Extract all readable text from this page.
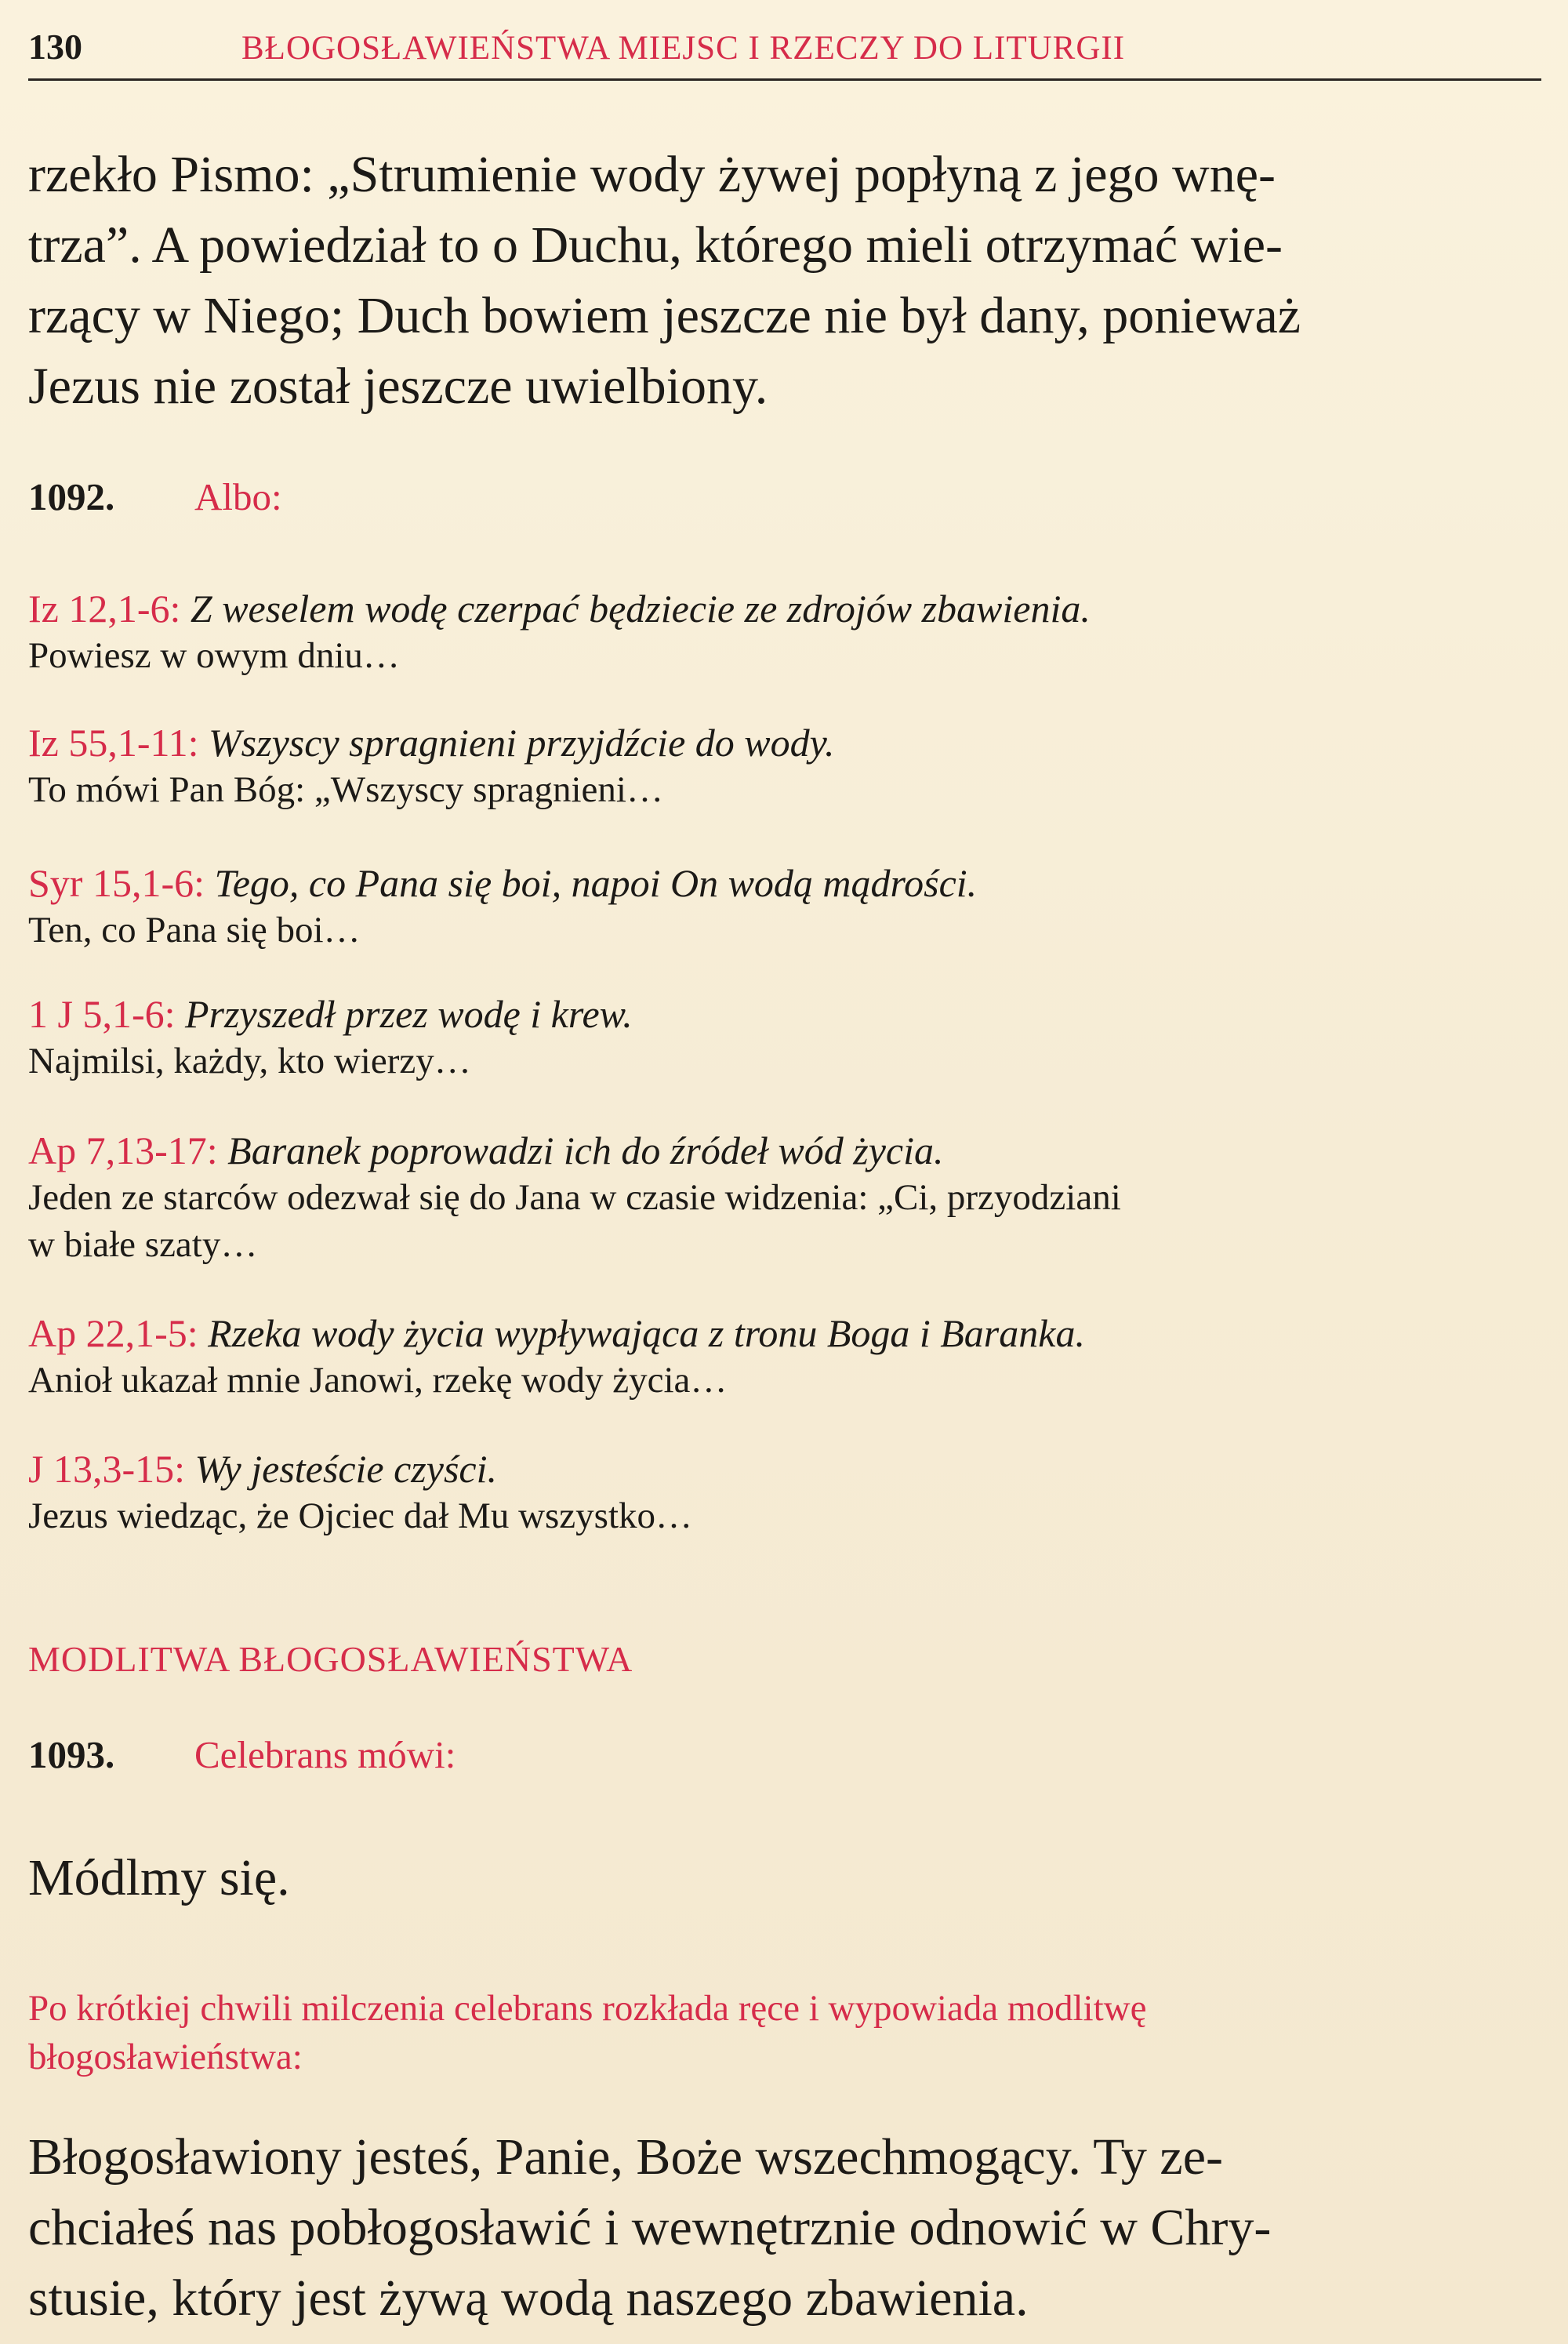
130	BŁOGOSŁAWIEŃSTWA MIEJSC I RZECZY DO LITURGII
rzekło Pismo: „Strumienie wody żywej popłyną z jego wnę-
trza”. A powiedział to o Duchu, którego mieli otrzymać wie-
rzący w Niego; Duch bowiem jeszcze nie był dany, ponieważ
Jezus nie został jeszcze uwielbiony.
1092. Albo:
Iz 12,1-6: Z weselem wodę czerpać będziecie ze zdrojów zbawienia.
Powiesz w owym dniu…
Iz 55,1-11: Wszyscy spragnieni przyjdźcie do wody.
To mówi Pan Bóg: „Wszyscy spragnieni…
Syr 15,1-6: Tego, co Pana się boi, napoi On wodą mądrości.
Ten, co Pana się boi…
1 J 5,1-6: Przyszedł przez wodę i krew.
Najmilsi, każdy, kto wierzy…
Ap 7,13-17: Baranek poprowadzi ich do źródeł wód życia.
Jeden ze starców odezwał się do Jana w czasie widzenia: „Ci, przyodziani
w białe szaty…
Ap 22,1-5: Rzeka wody życia wypływająca z tronu Boga i Baranka.
Anioł ukazał mnie Janowi, rzekę wody życia…
J 13,3-15: Wy jesteście czyści.
Jezus wiedząc, że Ojciec dał Mu wszystko…
MODLITWA BŁOGOSŁAWIEŃSTWA
1093. Celebrans mówi:
Módlmy się.
Po krótkiej chwili milczenia celebrans rozkłada ręce i wypowiada modlitwę
błogosławieństwa:
Błogosławiony jesteś, Panie, Boże wszechmogący. Ty ze-
chciałeś nas pobłogosławić i wewnętrznie odnowić w Chry-
stusie, który jest żywą wodą naszego zbawienia.
